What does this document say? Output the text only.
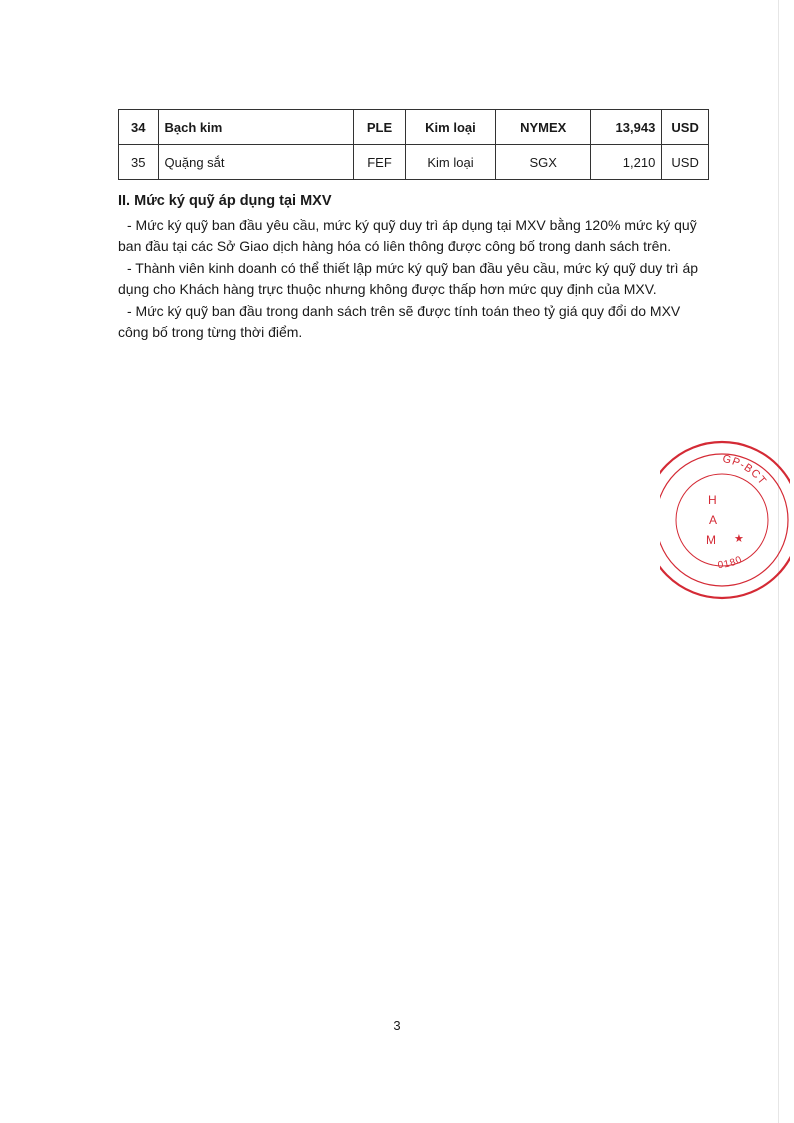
34	Bạch kim	PLE	Kim loại	NYMEX	13,943	USD
35	Quặng sắt	FEF	Kim loại	SGX	1,210	USD

II. Mức ký quỹ áp dụng tại MXV

- Mức ký quỹ ban đầu yêu cầu, mức ký quỹ duy trì áp dụng tại MXV bằng 120% mức ký quỹ ban đầu tại các Sở Giao dịch hàng hóa có liên thông được công bố trong danh sách trên.

- Thành viên kinh doanh có thể thiết lập mức ký quỹ ban đầu yêu cầu, mức ký quỹ duy trì áp dụng cho Khách hàng trực thuộc nhưng không được thấp hơn mức quy định của MXV.

- Mức ký quỹ ban đầu trong danh sách trên sẽ được tính toán theo tỷ giá quy đổi do MXV công bố trong từng thời điểm.

GP-BCT
0180
H
A
M ★
3
